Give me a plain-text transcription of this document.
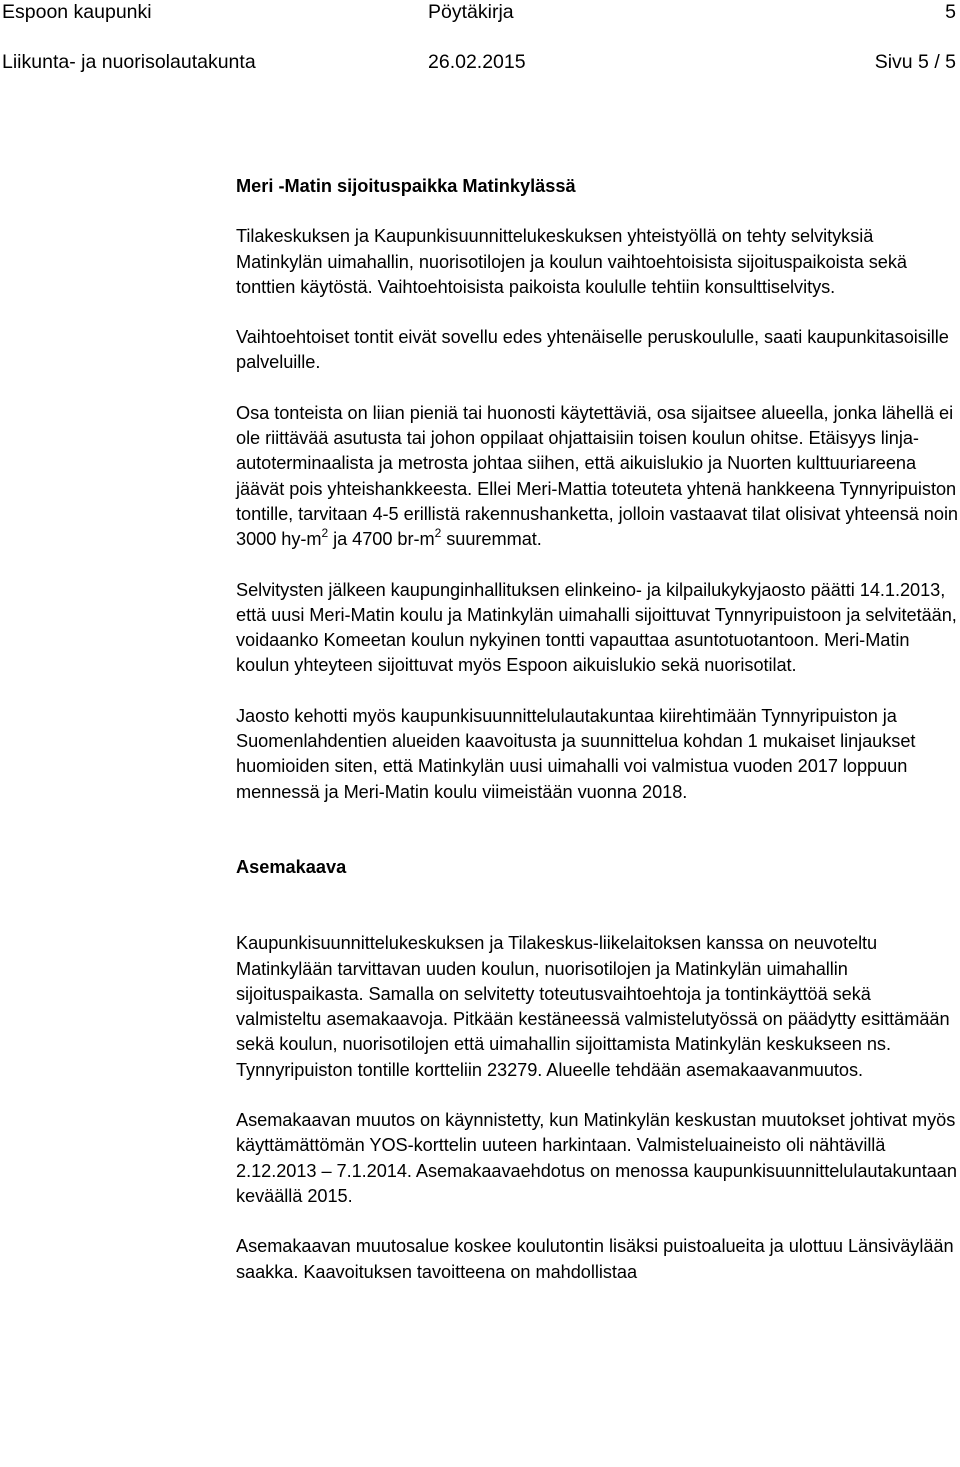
Espoon kaupunki	Pöytäkirja	5
Liikunta- ja nuorisolautakunta	26.02.2015	Sivu 5 / 5
Meri -Matin sijoituspaikka Matinkylässä

Tilakeskuksen ja Kaupunkisuunnittelukeskuksen yhteistyöllä on tehty selvityksiä Matinkylän uimahallin, nuorisotilojen ja koulun vaihtoehtoisista sijoituspaikoista sekä tonttien käytöstä. Vaihtoehtoisista paikoista koululle tehtiin konsulttiselvitys.

Vaihtoehtoiset tontit eivät sovellu edes yhtenäiselle peruskoululle, saati kaupunkitasoisille palveluille.

Osa tonteista on liian pieniä tai huonosti käytettäviä, osa sijaitsee alueella, jonka lähellä ei ole riittävää asutusta tai johon oppilaat ohjattaisiin toisen koulun ohitse. Etäisyys linja-autoterminaalista ja metrosta johtaa siihen, että aikuislukio ja Nuorten kulttuuriareena jäävät pois yhteishankkeesta. Ellei Meri-Mattia toteuteta yhtenä hankkeena Tynnyripuiston tontille, tarvitaan 4-5 erillistä rakennushanketta, jolloin vastaavat tilat olisivat yhteensä noin 3000 $hy-m^2$ ja 4700 $br-m^2$ suuremmat.

Selvitysten jälkeen kaupunginhallituksen elinkeino- ja kilpailukykyjaosto päätti 14.1.2013, että uusi Meri-Matin koulu ja Matinkylän uimahalli sijoittuvat Tynnyripuistoon ja selvitetään, voidaanko Komeetan koulun nykyinen tontti vapauttaa asuntotuotantoon. Meri-Matin koulun yhteyteen sijoittuvat myös Espoon aikuislukio sekä nuorisotilat.

Jaosto kehotti myös kaupunkisuunnittelulautakuntaa kiirehtimään Tynnyripuiston ja Suomenlahdentien alueiden kaavoitusta ja suunnittelua kohdan 1 mukaiset linjaukset huomioiden siten, että Matinkylän uusi uimahalli voi valmistua vuoden 2017 loppuun mennessä ja Meri-Matin koulu viimeistään vuonna 2018.

Asemakaava

Kaupunkisuunnittelukeskuksen ja Tilakeskus-liikelaitoksen kanssa on neuvoteltu Matinkylään tarvittavan uuden koulun, nuorisotilojen ja Matinkylän uimahallin sijoituspaikasta. Samalla on selvitetty toteutusvaihtoehtoja ja tontinkäyttöä sekä valmisteltu asemakaavoja. Pitkään kestäneessä valmistelutyössä on päädytty esittämään sekä koulun, nuorisotilojen että uimahallin sijoittamista Matinkylän keskukseen ns. Tynnyripuiston tontille kortteliin 23279. Alueelle tehdään asemakaavanmuutos.

Asemakaavan muutos on käynnistetty, kun Matinkylän keskustan muutokset johtivat myös käyttämättömän YOS-korttelin uuteen harkintaan. Valmisteluaineisto oli nähtävillä 2.12.2013 – 7.1.2014. Asemakaavaehdotus on menossa kaupunkisuunnittelulautakuntaan keväällä 2015.

Asemakaavan muutosalue koskee koulutontin lisäksi puistoalueita ja ulottuu Länsiväylään saakka. Kaavoituksen tavoitteena on mahdollistaa
